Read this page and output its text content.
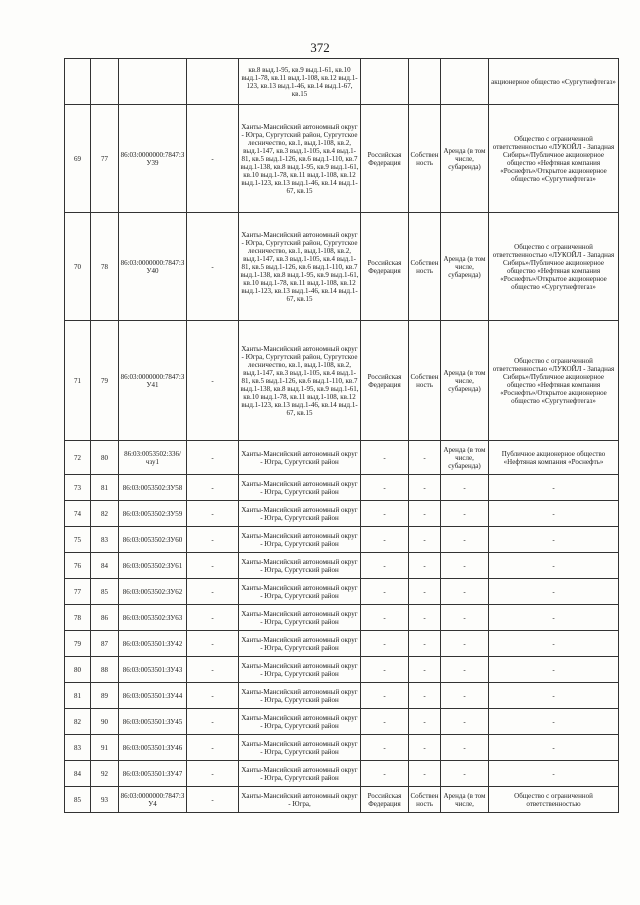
372
				кв.8 выд.1-95, кв.9 выд.1-61, кв.10 выд.1-78, кв.11 выд.1-108, кв.12 выд.1-123, кв.13 выд.1-46, кв.14 выд.1-67, кв.15				акционерное общество «Сургутнефтегаз»
69	77	86:03:0000000:7847:ЗУ39	-	Ханты-Мансийский автономный округ - Югра, Сургутский район, Сургутское лесничество, кв.1, выд.1-108, кв.2, выд.1-147, кв.3 выд.1-105, кв.4 выд.1-81, кв.5 выд.1-126, кв.6 выд.1-110, кв.7 выд.1-138, кв.8 выд.1-95, кв.9 выд.1-61, кв.10 выд.1-78, кв.11 выд.1-108, кв.12 выд.1-123, кв.13 выд.1-46, кв.14 выд.1-67, кв.15	Российская Федерация	Собственность	Аренда (в том числе, субаренда)	Общество с ограниченной ответственностью «ЛУКОЙЛ - Западная Сибирь»/Публичное акционерное общество «Нефтяная компания «Роснефть»/Открытое акционерное общество «Сургутнефтегаз»
70	78	86:03:0000000:7847:ЗУ40	-	Ханты-Мансийский автономный округ - Югра, Сургутский район, Сургутское лесничество, кв.1, выд.1-108, кв.2, выд.1-147, кв.3 выд.1-105, кв.4 выд.1-81, кв.5 выд.1-126, кв.6 выд.1-110, кв.7 выд.1-138, кв.8 выд.1-95, кв.9 выд.1-61, кв.10 выд.1-78, кв.11 выд.1-108, кв.12 выд.1-123, кв.13 выд.1-46, кв.14 выд.1-67, кв.15	Российская Федерация	Собственность	Аренда (в том числе, субаренда)	Общество с ограниченной ответственностью «ЛУКОЙЛ - Западная Сибирь»/Публичное акционерное общество «Нефтяная компания «Роснефть»/Открытое акционерное общество «Сургутнефтегаз»
71	79	86:03:0000000:7847:ЗУ41	-	Ханты-Мансийский автономный округ - Югра, Сургутский район, Сургутское лесничество, кв.1, выд.1-108, кв.2, выд.1-147, кв.3 выд.1-105, кв.4 выд.1-81, кв.5 выд.1-126, кв.6 выд.1-110, кв.7 выд.1-138, кв.8 выд.1-95, кв.9 выд.1-61, кв.10 выд.1-78, кв.11 выд.1-108, кв.12 выд.1-123, кв.13 выд.1-46, кв.14 выд.1-67, кв.15	Российская Федерация	Собственность	Аренда (в том числе, субаренда)	Общество с ограниченной ответственностью «ЛУКОЙЛ - Западная Сибирь»/Публичное акционерное общество «Нефтяная компания «Роснефть»/Открытое акционерное общество «Сургутнефтегаз»
72	80	86:03:0053502:336/чзу1	-	Ханты-Мансийский автономный округ - Югра, Сургутский район	-	-	Аренда (в том числе, субаренда)	Публичное акционерное общество «Нефтяная компания «Роснефть»
73	81	86:03:0053502:ЗУ58	-	Ханты-Мансийский автономный округ - Югра, Сургутский район	-	-	-	-
74	82	86:03:0053502:ЗУ59	-	Ханты-Мансийский автономный округ - Югра, Сургутский район	-	-	-	-
75	83	86:03:0053502:ЗУ60	-	Ханты-Мансийский автономный округ - Югра, Сургутский район	-	-	-	-
76	84	86:03:0053502:ЗУ61	-	Ханты-Мансийский автономный округ - Югра, Сургутский район	-	-	-	-
77	85	86:03:0053502:ЗУ62	-	Ханты-Мансийский автономный округ - Югра, Сургутский район	-	-	-	-
78	86	86:03:0053502:ЗУ63	-	Ханты-Мансийский автономный округ - Югра, Сургутский район	-	-	-	-
79	87	86:03:0053501:ЗУ42	-	Ханты-Мансийский автономный округ - Югра, Сургутский район	-	-	-	-
80	88	86:03:0053501:ЗУ43	-	Ханты-Мансийский автономный округ - Югра, Сургутский район	-	-	-	-
81	89	86:03:0053501:ЗУ44	-	Ханты-Мансийский автономный округ - Югра, Сургутский район	-	-	-	-
82	90	86:03:0053501:ЗУ45	-	Ханты-Мансийский автономный округ - Югра, Сургутский район	-	-	-	-
83	91	86:03:0053501:ЗУ46	-	Ханты-Мансийский автономный округ - Югра, Сургутский район	-	-	-	-
84	92	86:03:0053501:ЗУ47	-	Ханты-Мансийский автономный округ - Югра, Сургутский район	-	-	-	-
85	93	86:03:0000000:7847:ЗУ4	-	Ханты-Мансийский автономный округ - Югра,	Российская Федерация	Собственность	Аренда (в том числе,	Общество с ограниченной ответственностью
